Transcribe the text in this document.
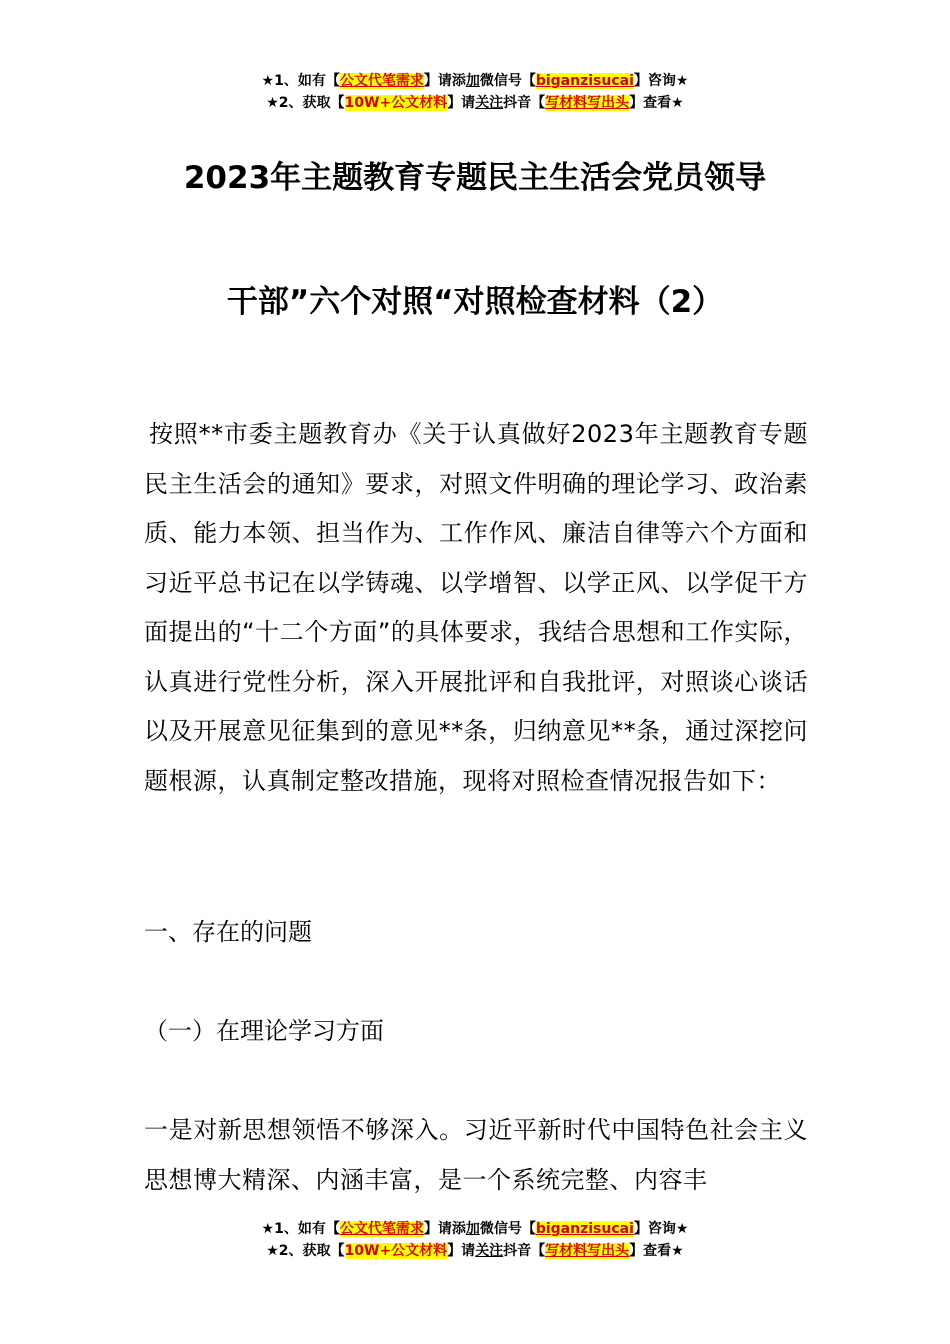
★1、如有【公文代笔需求】请添加微信号【biganzisucai】咨询★
★2、获取【10W+公文材料】请关注抖音【写材料写出头】查看★
2023年主题教育专题民主生活会党员领导
干部”六个对照“对照检查材料（2）
按照**市委主题教育办《关于认真做好2023年主题教育专题民主生活会的通知》要求，对照文件明确的理论学习、政治素质、能力本领、担当作为、工作作风、廉洁自律等六个方面和习近平总书记在以学铸魂、以学增智、以学正风、以学促干方面提出的“十二个方面”的具体要求，我结合思想和工作实际，认真进行党性分析，深入开展批评和自我批评，对照谈心谈话以及开展意见征集到的意见**条，归纳意见**条，通过深挖问题根源，认真制定整改措施，现将对照检查情况报告如下：
一、存在的问题
（一）在理论学习方面
一是对新思想领悟不够深入。习近平新时代中国特色社会主义思想博大精深、内涵丰富，是一个系统完整、内容丰
★1、如有【公文代笔需求】请添加微信号【biganzisucai】咨询★
★2、获取【10W+公文材料】请关注抖音【写材料写出头】查看★
